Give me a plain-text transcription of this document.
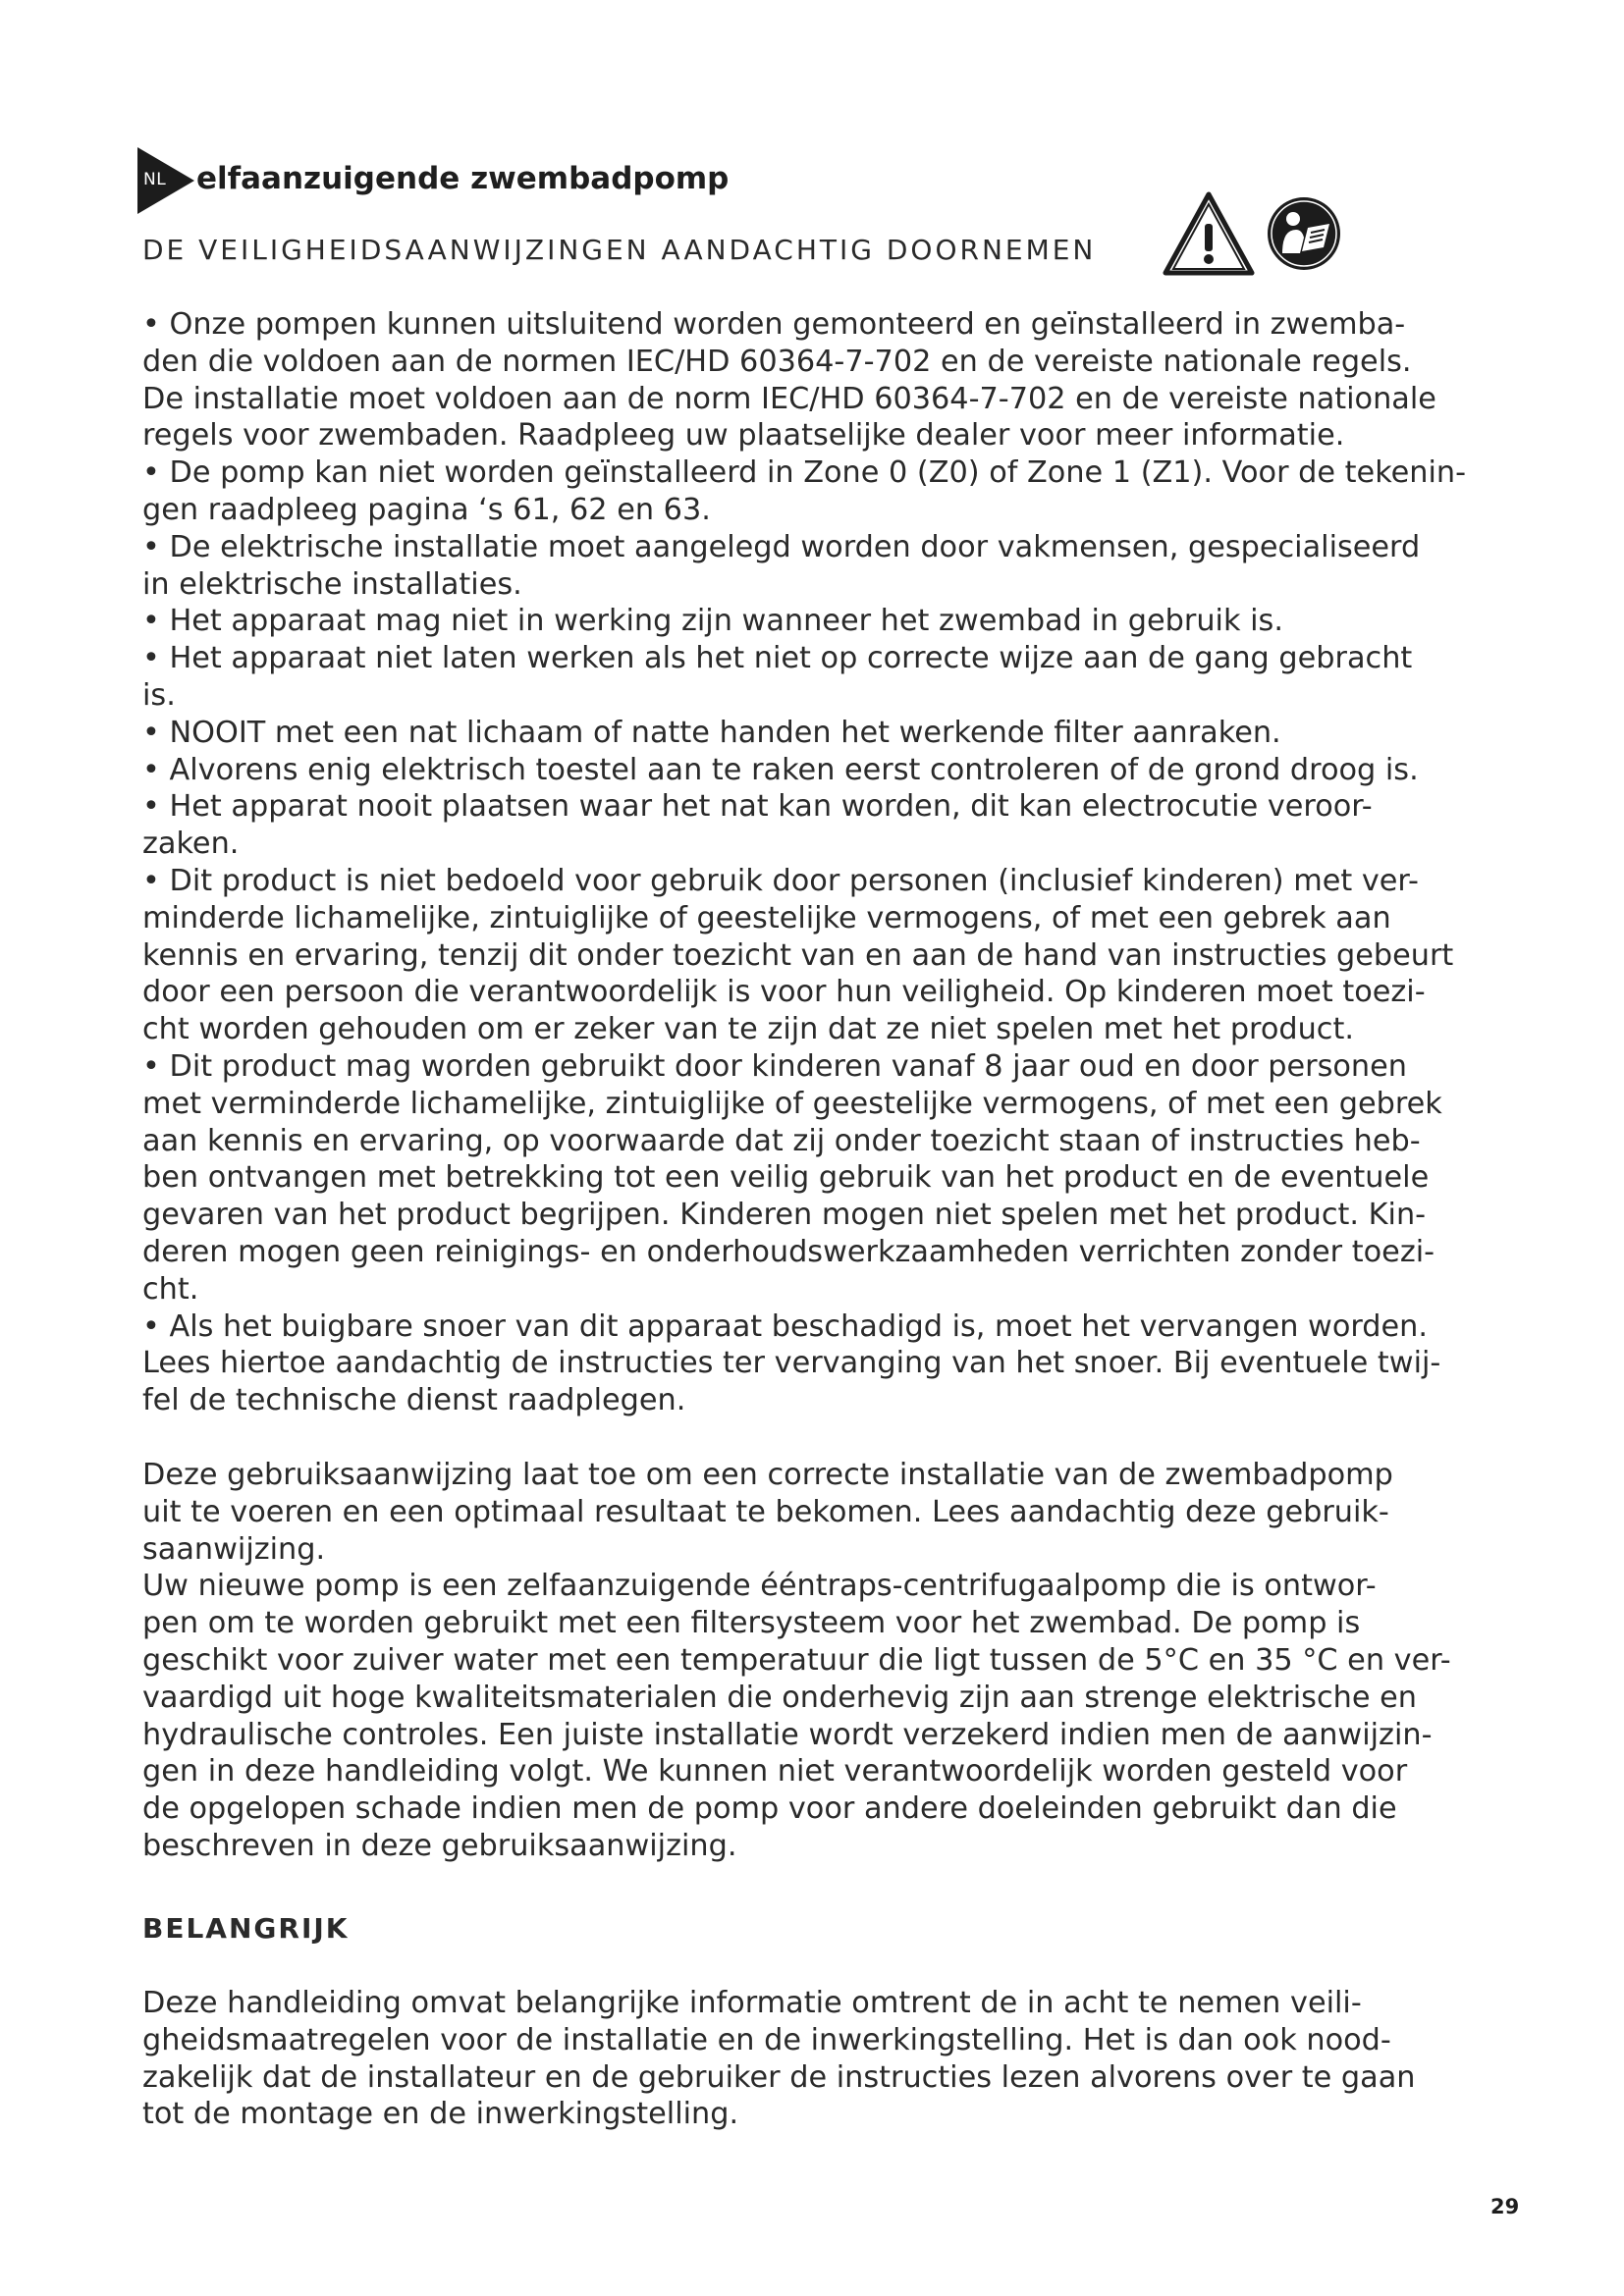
NL elfaanzuigende zwembadpomp
DE VEILIGHEIDSAANWIJZINGEN AANDACHTIG DOORNEMEN
• Onze pompen kunnen uitsluitend worden gemonteerd en geïnstalleerd in zwemba-
den die voldoen aan de normen IEC/HD 60364-7-702 en de vereiste nationale regels.
De installatie moet voldoen aan de norm IEC/HD 60364-7-702 en de vereiste nationale
regels voor zwembaden. Raadpleeg uw plaatselijke dealer voor meer informatie.
• De pomp kan niet worden geïnstalleerd in Zone 0 (Z0) of Zone 1 (Z1). Voor de tekenin-
gen raadpleeg pagina ‘s 61, 62 en 63.
• De elektrische installatie moet aangelegd worden door vakmensen, gespecialiseerd
in elektrische installaties.
• Het apparaat mag niet in werking zijn wanneer het zwembad in gebruik is.
• Het apparaat niet laten werken als het niet op correcte wijze aan de gang gebracht
is.
• NOOIT met een nat lichaam of natte handen het werkende filter aanraken.
• Alvorens enig elektrisch toestel aan te raken eerst controleren of de grond droog is.
• Het apparat nooit plaatsen waar het nat kan worden, dit kan electrocutie veroor-
zaken.
• Dit product is niet bedoeld voor gebruik door personen (inclusief kinderen) met ver-
minderde lichamelijke, zintuiglijke of geestelijke vermogens, of met een gebrek aan
kennis en ervaring, tenzij dit onder toezicht van en aan de hand van instructies gebeurt
door een persoon die verantwoordelijk is voor hun veiligheid. Op kinderen moet toezi-
cht worden gehouden om er zeker van te zijn dat ze niet spelen met het product.
• Dit product mag worden gebruikt door kinderen vanaf 8 jaar oud en door personen
met verminderde lichamelijke, zintuiglijke of geestelijke vermogens, of met een gebrek
aan kennis en ervaring, op voorwaarde dat zij onder toezicht staan of instructies heb-
ben ontvangen met betrekking tot een veilig gebruik van het product en de eventuele
gevaren van het product begrijpen. Kinderen mogen niet spelen met het product. Kin-
deren mogen geen reinigings- en onderhoudswerkzaamheden verrichten zonder toezi-
cht.
• Als het buigbare snoer van dit apparaat beschadigd is, moet het vervangen worden.
Lees hiertoe aandachtig de instructies ter vervanging van het snoer. Bij eventuele twij-
fel de technische dienst raadplegen.
Deze gebruiksaanwijzing laat toe om een correcte installatie van de zwembadpomp
uit te voeren en een optimaal resultaat te bekomen. Lees aandachtig deze gebruik-
saanwijzing.
Uw nieuwe pomp is een zelfaanzuigende ééntraps-centrifugaalpomp die is ontwor-
pen om te worden gebruikt met een filtersysteem voor het zwembad. De pomp is
geschikt voor zuiver water met een temperatuur die ligt tussen de 5°C en 35 °C en ver-
vaardigd uit hoge kwaliteitsmaterialen die onderhevig zijn aan strenge elektrische en
hydraulische controles. Een juiste installatie wordt verzekerd indien men de aanwijzin-
gen in deze handleiding volgt. We kunnen niet verantwoordelijk worden gesteld voor
de opgelopen schade indien men de pomp voor andere doeleinden gebruikt dan die
beschreven in deze gebruiksaanwijzing.
BELANGRIJK
Deze handleiding omvat belangrijke informatie omtrent de in acht te nemen veili-
gheidsmaatregelen voor de installatie en de inwerkingstelling. Het is dan ook nood-
zakelijk dat de installateur en de gebruiker de instructies lezen alvorens over te gaan
tot de montage en de inwerkingstelling.
29
